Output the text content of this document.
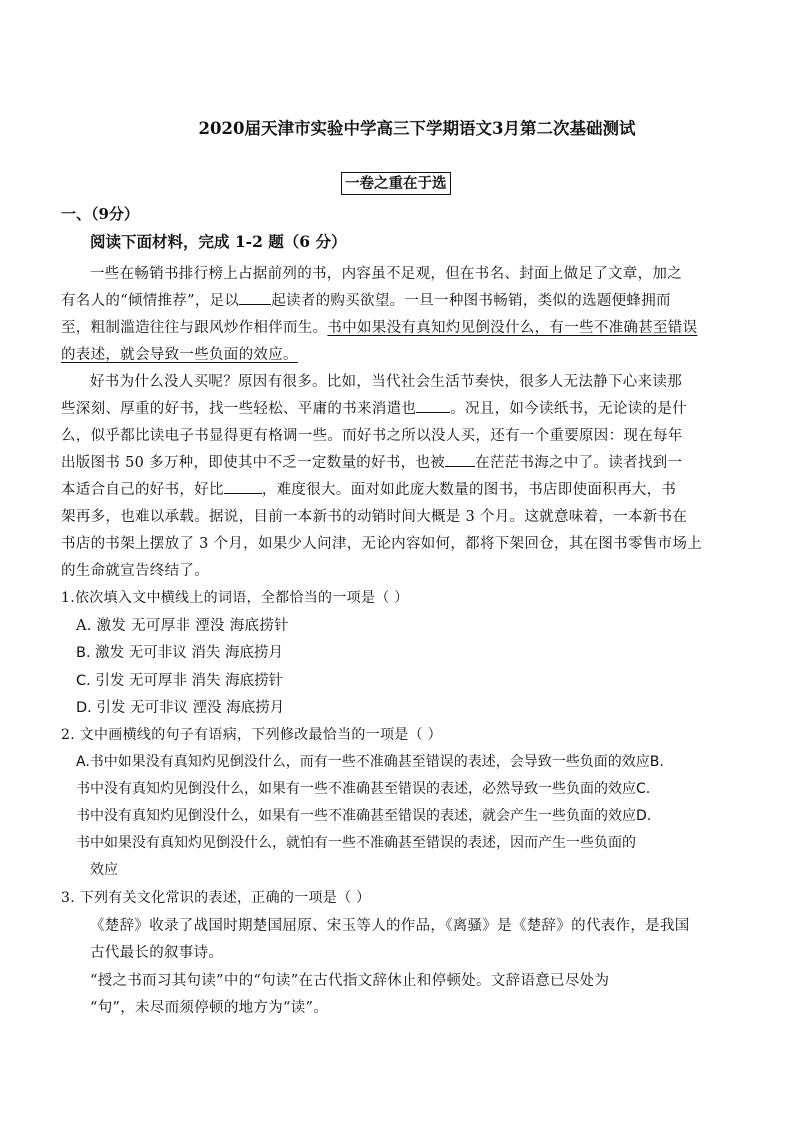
2020届天津市实验中学高三下学期语文3月第二次基础测试
一卷之重在于选
一、（9分）
阅读下面材料，完成 1-2 题（6 分）
一些在畅销书排行榜上占据前列的书，内容虽不足观，但在书名、封面上做足了文章，加之
有名人的“倾情推荐”，足以 起读者的购买欲望。一旦一种图书畅销，类似的选题便蜂拥而
至，粗制滥造往往与跟风炒作相伴而生。书中如果没有真知灼见倒没什么，有一些不准确甚至错误
的表述，就会导致一些负面的效应。
好书为什么没人买呢？原因有很多。比如，当代社会生活节奏快，很多人无法静下心来读那
些深刻、厚重的好书，找一些轻松、平庸的书来消遣也 。况且，如今读纸书，无论读的是什
么，似乎都比读电子书显得更有格调一些。而好书之所以没人买，还有一个重要原因：现在每年
出版图书 50 多万种，即使其中不乏一定数量的好书，也被 在茫茫书海之中了。读者找到一
本适合自己的好书，好比	，难度很大。面对如此庞大数量的图书，书店即使面积再大，书
架再多，也难以承载。据说，目前一本新书的动销时间大概是 3 个月。这就意味着，一本新书在
书店的书架上摆放了 3 个月，如果少人问津，无论内容如何，都将下架回仓，其在图书零售市场上
的生命就宣告终结了。
1.依次填入文中横线上的词语，全都恰当的一项是（ ）
A. 激发 无可厚非 湮没 海底捞针
B. 激发 无可非议 消失 海底捞月
C. 引发 无可厚非 消失 海底捞针
D. 引发 无可非议 湮没 海底捞月
2. 文中画横线的句子有语病，下列修改最恰当的一项是（ ）
A.书中如果没有真知灼见倒没什么，而有一些不准确甚至错误的表述，会导致一些负面的效应B.
书中没有真知灼见倒没什么，如果有一些不准确甚至错误的表述，必然导致一些负面的效应C.
书中没有真知灼见倒没什么，如果有一些不准确甚至错误的表述，就会产生一些负面的效应D.
书中如果没有真知灼见倒没什么，就怕有一些不准确甚至错误的表述，因而产生一些负面的
效应
3. 下列有关文化常识的表述，正确的一项是（ ）
《楚辞》收录了战国时期楚国屈原、宋玉等人的作品，《离骚》是《楚辞》的代表作，是我国
古代最长的叙事诗。
“授之书而习其句读”中的“句读”在古代指文辞休止和停顿处。文辞语意已尽处为
“句”，未尽而须停顿的地方为“读”。
